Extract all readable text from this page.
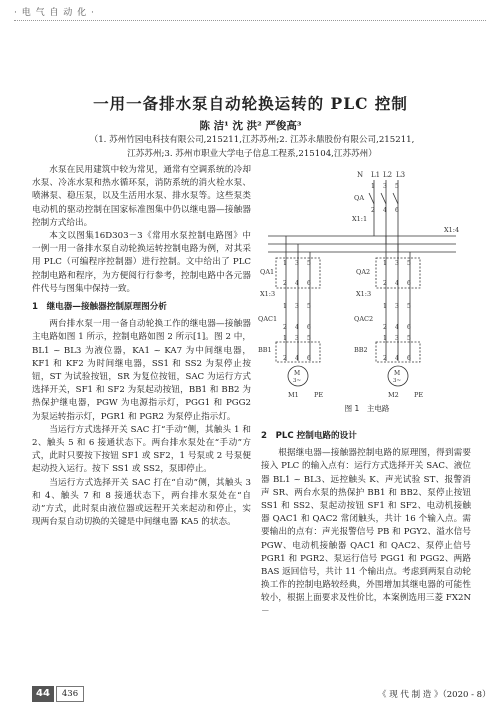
· 电 气 自 动 化 ·
一用一备排水泵自动轮换运转的 PLC 控制
陈 洁¹ 沈 洪² 严俊高³
（1. 苏州竹园电科技有限公司,215211,江苏苏州;2. 江苏永鼎股份有限公司,215211,
江苏苏州;3. 苏州市职业大学电子信息工程系,215104,江苏苏州）

水泵在民用建筑中较为常见，通常有空调系统的冷却水泵、冷冻水泵和热水循环泵，消防系统的消火栓水泵、喷淋泵、稳压泵，以及生活用水泵、排水泵等。这些泵类电动机的驱动控制在国家标准图集中仍以继电器—接触器控制方式给出。

本文以图集16D303－3《常用水泵控制电路图》中一例一用一备排水泵自动轮换运转控制电路为例，对其采用 PLC（可编程序控制器）进行控制。文中给出了 PLC 控制电路和程序，为方便阅行行参考，控制电路中各元器件代号与图集中保持一致。

1　继电器—接触器控制原理图分析

两台排水泵一用一备自动轮换工作的继电器—接触器主电路如图 1 所示，控制电路如图 2 所示[1]。图 2 中，BL1 ~ BL3 为液位器，KA1 ~ KA7 为中间继电器，KF1 和 KF2 为时间继电器，SS1 和 SS2 为泵停止按钮，ST 为试验按钮，SR 为复位按钮，SAC 为运行方式选择开关，SF1 和 SF2 为泵起动按钮，BB1 和 BB2 为热保护继电器，PGW 为电源指示灯，PGG1 和 PGG2 为泵运转指示灯，PGR1 和 PGR2 为泵停止指示灯。

当运行方式选择开关 SAC 打“手动”侧，其触头 1 和 2、触头 5 和 6 接通状态下。两台排水泵处在“手动”方式，此时只要按下按钮 SF1 或 SF2，1 号泵或 2 号泵便起动投入运行。按下 SS1 或 SS2，泵即停止。

当运行方式选择开关 SAC 打在“自动”侧，其触头 3 和 4、触头 7 和 8 接通状态下，两台排水泵处在“自动”方式，此时泵由液位器或远程开关来起动和停止，实现两台泵自动切换的关键是中间继电器 KA5 的状态。

N L1 L2 L3
1 3 5
QA
2 4 6
X1:1
X1:4
1 3 5
QA1
2 4 6
X1:3
1 3 5
QAC1
2 4 6
1 3 5
BB1
2 4 6
M
3~
M1 PE
1 3 5
QA2
2 4 6
X1:3
1 3 5
QAC2
2 4 6
1 3 5
BB2
2 4 6
M
3~
M2 PE
图 1　主电路

2　PLC 控制电路的设计

根据继电器—接触器控制电路的原理图，得到需要接入 PLC 的输入点有：运行方式选择开关 SAC、液位器 BL1 ~ BL3、远控触头 K、声光试验 ST、报警消声 SR、两台水泵的热保护 BB1 和 BB2、泵停止按钮 SS1 和 SS2、泵起动按钮 SF1 和 SF2、电动机接触器 QAC1 和 QAC2 常闭触头，共计 16 个输入点。需要输出的点有：声光报警信号 PB 和 PGY2、溢水信号 PGW、电动机接触器 QAC1 和 QAC2、泵停止信号 PGR1 和 PGR2、泵运行信号 PGG1 和 PGG2、两路 BAS 返回信号，共计 11 个输出点。考虑到两泵自动轮换工作的控制电路较经典，外围增加其继电器的可能性较小，根据上面要求及性价比，本案例选用三菱 FX2N－

44	436	《 现 代 制 造 》（2020 - 8）
